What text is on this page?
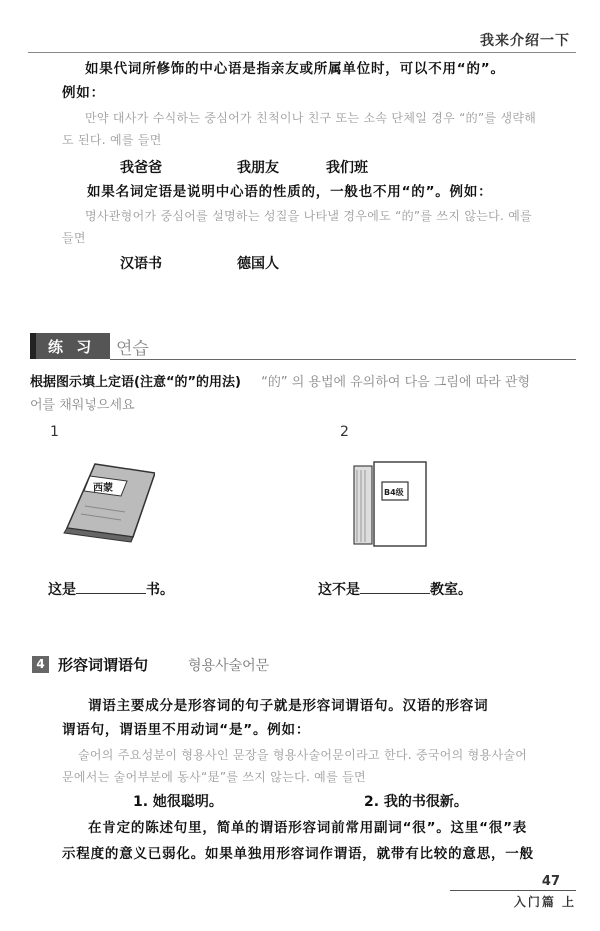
我来介绍一下
如果代词所修饰的中心语是指亲友或所属单位时，可以不用“的”。
例如：
만약 대사가 수식하는 중심어가 친척이나 친구 또는 소속 단체일 경우 “的”를 생략해
도 된다. 예를 들면
我爸爸	我朋友	我们班
如果名词定语是说明中心语的性质的，一般也不用“的”。例如：
명사관형어가 중심어를 설명하는 성질을 나타낼 경우에도 “的”를 쓰지 않는다. 예를
들면
汉语书	德国人
练 习 연습
根据图示填上定语(注意“的”的用法) “的” 의 용법에 유의하여 다음 그림에 따라 관형
어를 채워넣으세요
1	2
西蒙	B4级
这是	书。	这不是	教室。
4 形容词谓语句	형용사술어문
谓语主要成分是形容词的句子就是形容词谓语句。汉语的形容词
谓语句，谓语里不用动词“是”。例如：
술어의 주요성분이 형용사인 문장을 형용사술어문이라고 한다. 중국어의 형용사술어
문에서는 술어부분에 동사“是”를 쓰지 않는다. 예를 들면
1. 她很聪明。	2. 我的书很新。
在肯定的陈述句里，简单的谓语形容词前常用副词“很”。这里“很”表
示程度的意义已弱化。如果单独用形容词作谓语，就带有比较的意思，一般
47
入门篇 上
